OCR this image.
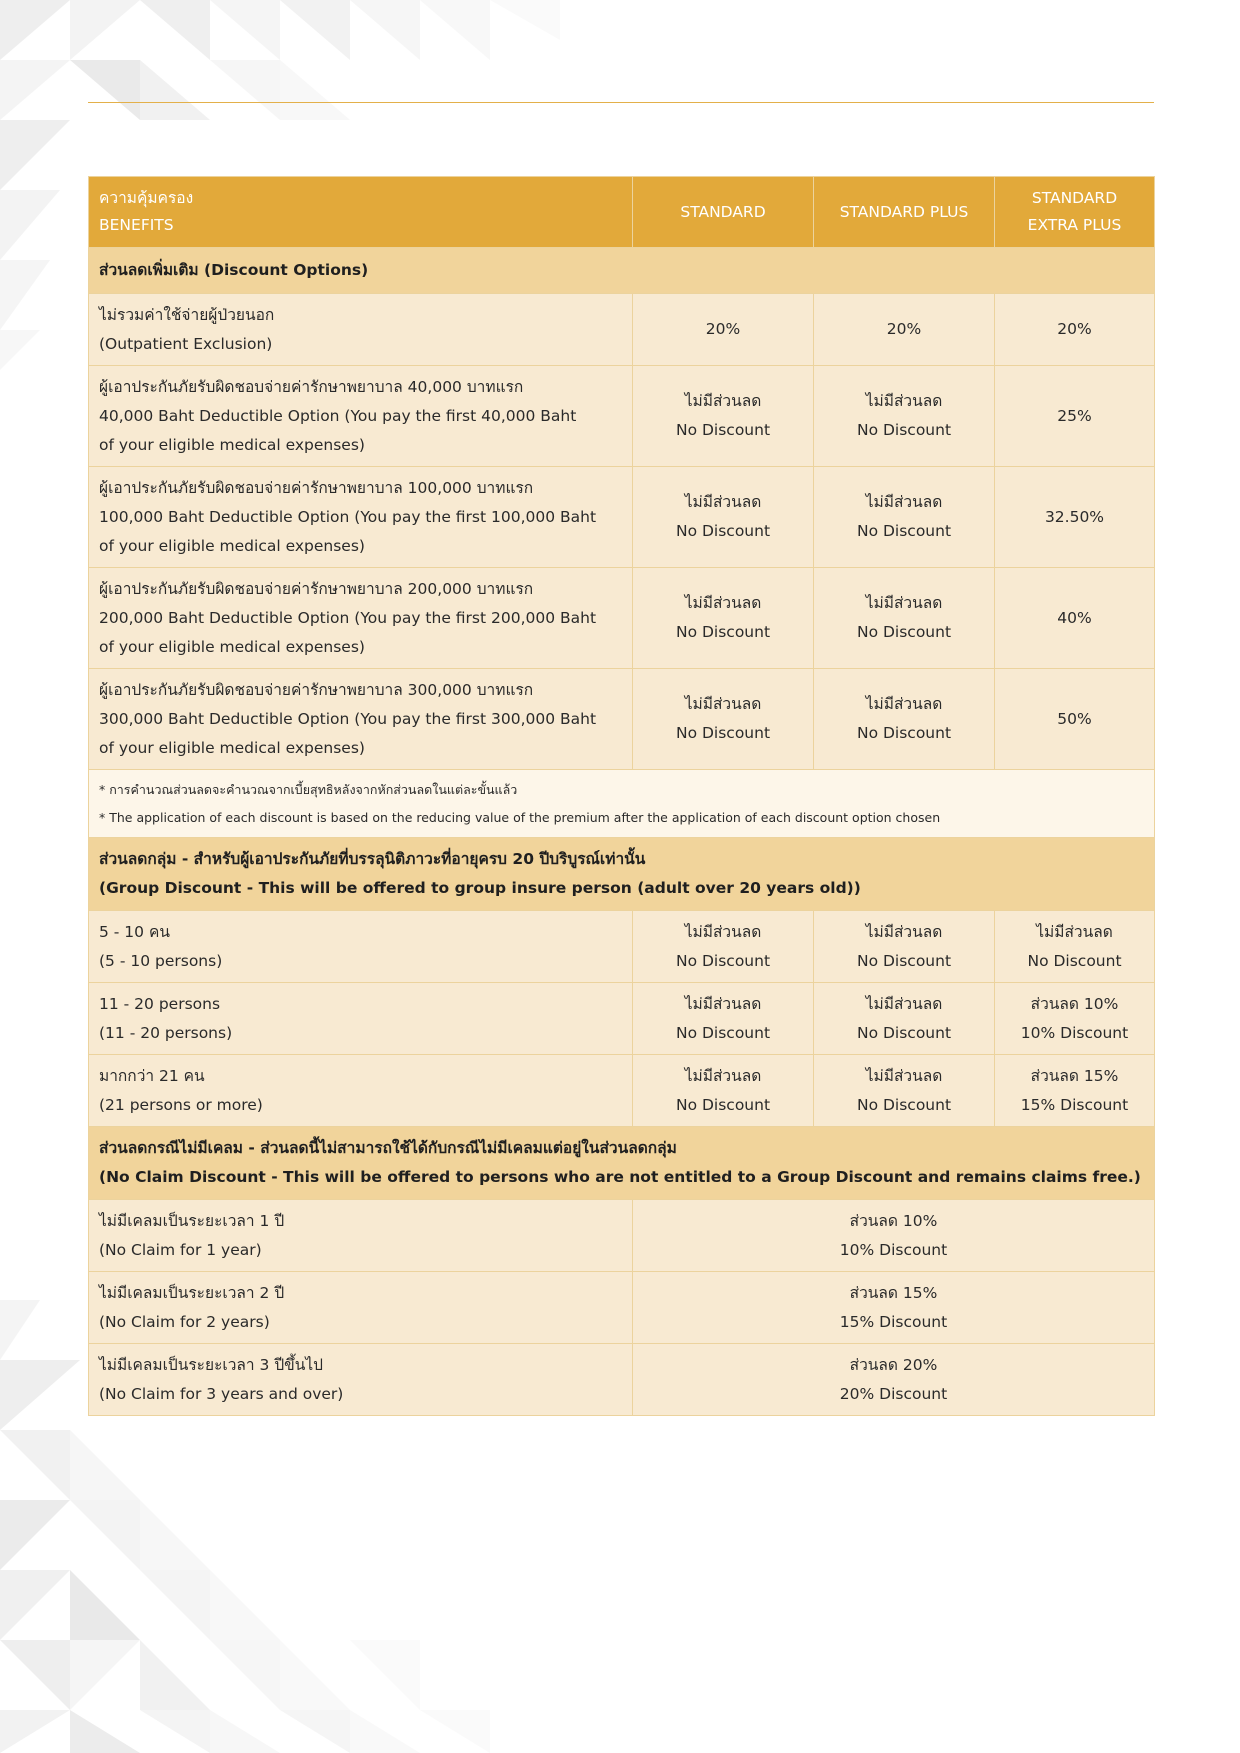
ความคุ้มครอง
BENEFITS	STANDARD	STANDARD PLUS	STANDARD
EXTRA PLUS

ส่วนลดเพิ่มเติม (Discount Options)			

ไม่รวมค่าใช้จ่ายผู้ป่วยนอก
(Outpatient Exclusion)	20%	20%	20%

ผู้เอาประกันภัยรับผิดชอบจ่ายค่ารักษาพยาบาล 40,000 บาทแรก
40,000 Baht Deductible Option (You pay the first 40,000 Baht
of your eligible medical expenses)	ไม่มีส่วนลด
No Discount	ไม่มีส่วนลด
No Discount	25%

ผู้เอาประกันภัยรับผิดชอบจ่ายค่ารักษาพยาบาล 100,000 บาทแรก
100,000 Baht Deductible Option (You pay the first 100,000 Baht
of your eligible medical expenses)	ไม่มีส่วนลด
No Discount	ไม่มีส่วนลด
No Discount	32.50%

ผู้เอาประกันภัยรับผิดชอบจ่ายค่ารักษาพยาบาล 200,000 บาทแรก
200,000 Baht Deductible Option (You pay the first 200,000 Baht
of your eligible medical expenses)	ไม่มีส่วนลด
No Discount	ไม่มีส่วนลด
No Discount	40%

ผู้เอาประกันภัยรับผิดชอบจ่ายค่ารักษาพยาบาล 300,000 บาทแรก
300,000 Baht Deductible Option (You pay the first 300,000 Baht
of your eligible medical expenses)	ไม่มีส่วนลด
No Discount	ไม่มีส่วนลด
No Discount	50%

* การคำนวณส่วนลดจะคำนวณจากเบี้ยสุทธิหลังจากหักส่วนลดในแต่ละขั้นแล้ว
* The application of each discount is based on the reducing value of the premium after the application of each discount option chosen			

ส่วนลดกลุ่ม - สำหรับผู้เอาประกันภัยที่บรรลุนิติภาวะที่อายุครบ 20 ปีบริบูรณ์เท่านั้น
(Group Discount - This will be offered to group insure person (adult over 20 years old))			

5 - 10 คน
(5 - 10 persons)	ไม่มีส่วนลด
No Discount	ไม่มีส่วนลด
No Discount	ไม่มีส่วนลด
No Discount

11 - 20 persons
(11 - 20 persons)	ไม่มีส่วนลด
No Discount	ไม่มีส่วนลด
No Discount	ส่วนลด 10%
10% Discount

มากกว่า 21 คน
(21 persons or more)	ไม่มีส่วนลด
No Discount	ไม่มีส่วนลด
No Discount	ส่วนลด 15%
15% Discount

ส่วนลดกรณีไม่มีเคลม - ส่วนลดนี้ไม่สามารถใช้ได้กับกรณีไม่มีเคลมแต่อยู่ในส่วนลดกลุ่ม
(No Claim Discount - This will be offered to persons who are not entitled to a Group Discount and remains claims free.)			

ไม่มีเคลมเป็นระยะเวลา 1 ปี
(No Claim for 1 year)	ส่วนลด 10%
10% Discount		

ไม่มีเคลมเป็นระยะเวลา 2 ปี
(No Claim for 2 years)	ส่วนลด 15%
15% Discount		

ไม่มีเคลมเป็นระยะเวลา 3 ปีขึ้นไป
(No Claim for 3 years and over)	ส่วนลด 20%
20% Discount		
